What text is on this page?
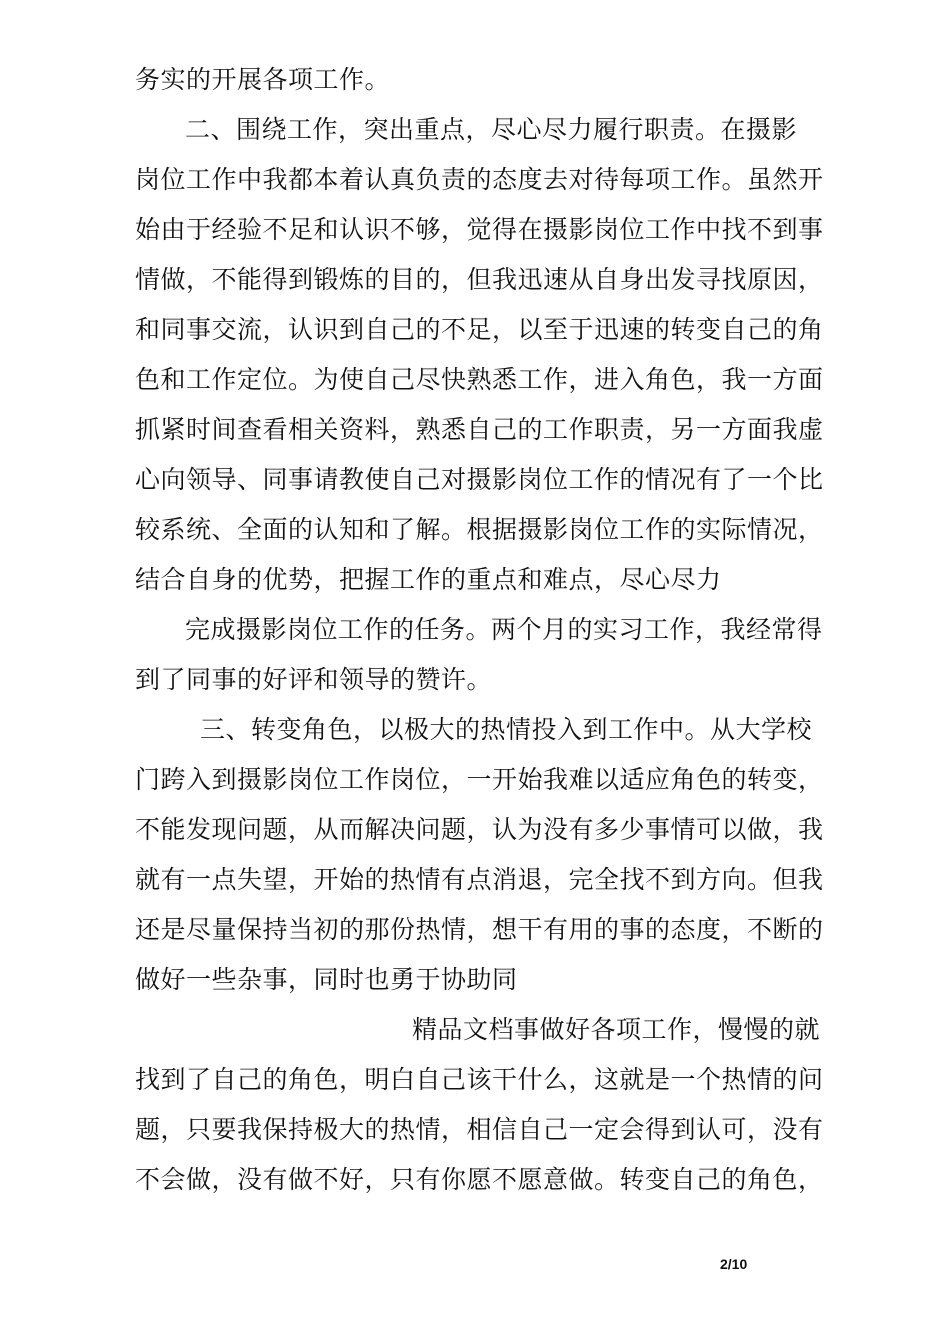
务实的开展各项工作。
二、围绕工作，突出重点，尽心尽力履行职责。在摄影
岗位工作中我都本着认真负责的态度去对待每项工作。虽然开
始由于经验不足和认识不够，觉得在摄影岗位工作中找不到事
情做，不能得到锻炼的目的，但我迅速从自身出发寻找原因，
和同事交流，认识到自己的不足，以至于迅速的转变自己的角
色和工作定位。为使自己尽快熟悉工作，进入角色，我一方面
抓紧时间查看相关资料，熟悉自己的工作职责，另一方面我虚
心向领导、同事请教使自己对摄影岗位工作的情况有了一个比
较系统、全面的认知和了解。根据摄影岗位工作的实际情况，
结合自身的优势，把握工作的重点和难点，尽心尽力
完成摄影岗位工作的任务。两个月的实习工作，我经常得
到了同事的好评和领导的赞许。
三、转变角色，以极大的热情投入到工作中。从大学校
门跨入到摄影岗位工作岗位，一开始我难以适应角色的转变，
不能发现问题，从而解决问题，认为没有多少事情可以做，我
就有一点失望，开始的热情有点消退，完全找不到方向。但我
还是尽量保持当初的那份热情，想干有用的事的态度，不断的
做好一些杂事，同时也勇于协助同
精品文档事做好各项工作，慢慢的就
找到了自己的角色，明白自己该干什么，这就是一个热情的问
题，只要我保持极大的热情，相信自己一定会得到认可，没有
不会做，没有做不好，只有你愿不愿意做。转变自己的角色，
2/10
